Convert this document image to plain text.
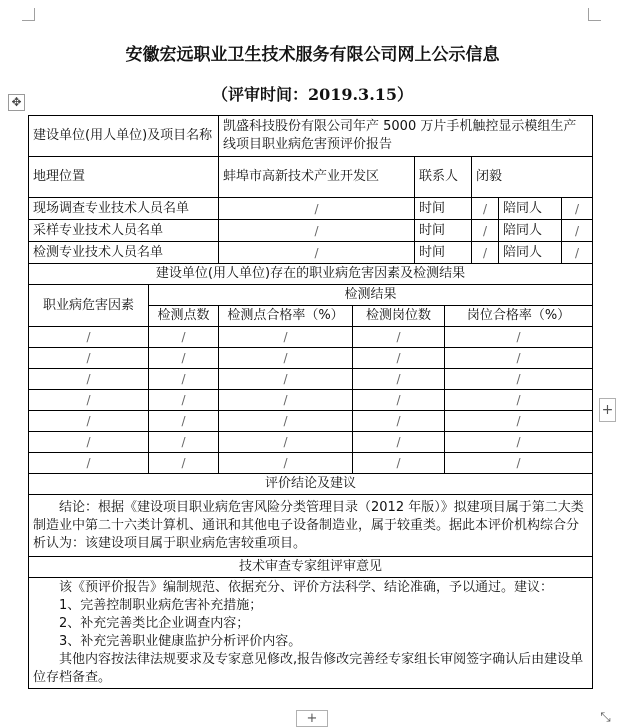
安徽宏远职业卫生技术服务有限公司网上公示信息
（评审时间：2019.3.15）
✥
建设单位(用人单位)及项目名称		凯盛科技股份有限公司年产 5000 万片手机触控显示模组生产线项目职业病危害预评价报告						
地理位置		蚌埠市高新技术产业开发区		联系人		闭毅		
现场调查专业技术人员名单		/		时间		/	陪同人	/
采样专业技术人员名单		/		时间		/	陪同人	/
检测专业技术人员名单		/		时间		/	陪同人	/
建设单位(用人单位)存在的职业病危害因素及检测结果								
职业病危害因素	检测结果							
	检测点数	检测点合格率（%）	检测岗位数		岗位合格率（%）			
/	/	/	/		/			
/	/	/	/		/			
/	/	/	/		/			
/	/	/	/		/			
/	/	/	/		/			
/	/	/	/		/			
/	/	/	/		/			
评价结论及建议								
结论：根据《建设项目职业病危害风险分类管理目录（2012 年版）》拟建项目属于第二大类制造业中第二十六类计算机、通讯和其他电子设备制造业，属于较重类。据此本评价机构综合分析认为：该建设项目属于职业病危害较重项目。								
技术审查专家组评审意见								

该《预评价报告》编制规范、依据充分、评价方法科学、结论准确，予以通过。建议：

1、完善控制职业病危害补充措施；

2、补充完善类比企业调查内容；

3、补充完善职业健康监护分析评价内容。

其他内容按法律法规要求及专家意见修改,报告修改完善经专家组长审阅签字确认后由建设单位存档备查。								

+
+	⤡
